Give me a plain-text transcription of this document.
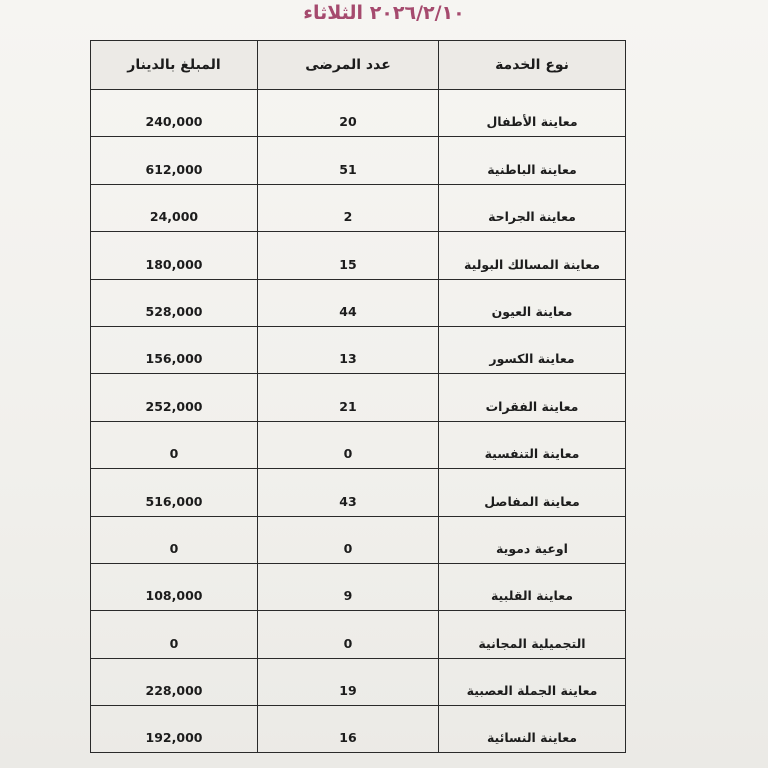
٢٠٢٦/٢/١٠ الثلاثاء
نوع الخدمة	عدد المرضى	المبلغ بالدينار
معاينة الأطفال	20	240,000
معاينة الباطنية	51	612,000
معاينة الجراحة	2	24,000
معاينة المسالك البولية	15	180,000
معاينة العيون	44	528,000
معاينة الكسور	13	156,000
معاينة الفقرات	21	252,000
معاينة التنفسية	0	0
معاينة المفاصل	43	516,000
اوعية دموية	0	0
معاينة القلبية	9	108,000
التجميلية المجانية	0	0
معاينة الجملة العصبية	19	228,000
معاينة النسائية	16	192,000
